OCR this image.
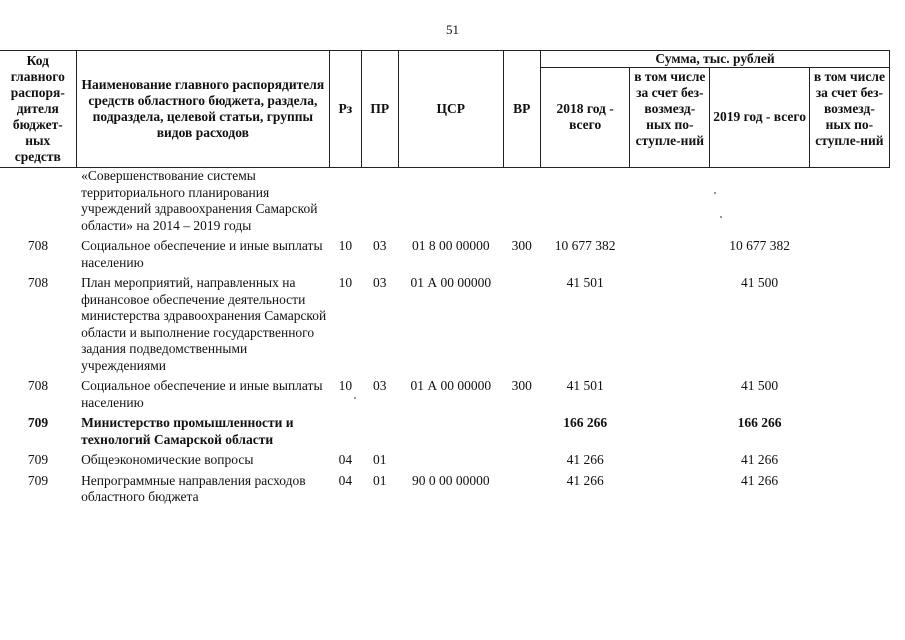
51
Код главного распоря-дителя бюджет-ных средств	Наименование главного распорядителя средств областного бюджета, раздела, подраздела, целевой статьи, группы видов расходов	Рз	ПР	ЦСР	ВР	Сумма, тыс. рублей			
						2018 год - всего	в том числе за счет без-возмезд-ных по-ступле-ний	2019 год - всего	в том числе за счет без-возмезд-ных по-ступле-ний
	«Совершенствование системы территориального планирования учреждений здравоохранения Самарской области» на 2014 – 2019 годы								
708	Социальное обеспечение и иные выплаты населению	10	03	01 8 00 00000	300	10 677 382		10 677 382	
708	План мероприятий, направленных на финансовое обеспечение деятельности министерства здравоохранения Самарской области и выполнение государственного задания подведомственными учреждениями	10	03	01 А 00 00000		41 501		41 500	
708	Социальное обеспечение и иные выплаты населению	10	03	01 А 00 00000	300	41 501		41 500	
709	Министерство промышленности и технологий Самарской области					166 266		166 266	
709	Общеэкономические вопросы	04	01			41 266		41 266	
709	Непрограммные направления расходов областного бюджета	04	01	90 0 00 00000		41 266		41 266	
